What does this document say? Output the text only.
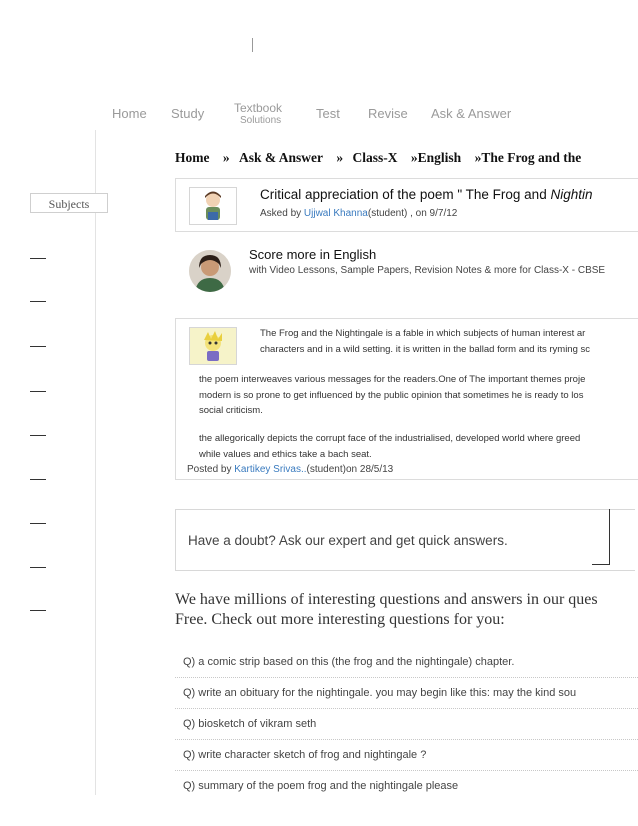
Home Study Textbook
Solutions	Test Revise Ask & Answer
Subjects
Home » Ask & Answer » Class-X »English »The Frog and the
Critical appreciation of the poem " The Frog and Nightin
Asked by Ujjwal Khanna(student) , on 9/7/12
Score more in English
with Video Lessons, Sample Papers, Revision Notes & more for Class-X - CBSE
The Frog and the Nightingale is a fable in which subjects of human interest ar
characters and in a wild setting. it is written in the ballad form and its ryming sc
the poem interweaves various messages for the readers.One of The important themes proje
modern is so prone to get influenced by the public opinion that sometimes he is ready to los
social criticism.
the allegorically depicts the corrupt face of the industrialised, developed world where greed
while values and ethics take a bach seat.
Posted by Kartikey Srivas..(student)on 28/5/13
Have a doubt? Ask our expert and get quick answers.
We have millions of interesting questions and answers in our ques
Free. Check out more interesting questions for you:
Q) a comic strip based on this (the frog and the nightingale) chapter.
Q) write an obituary for the nightingale. you may begin like this: may the kind sou
Q) biosketch of vikram seth
Q) write character sketch of frog and nightingale ?
Q) summary of the poem frog and the nightingale please
